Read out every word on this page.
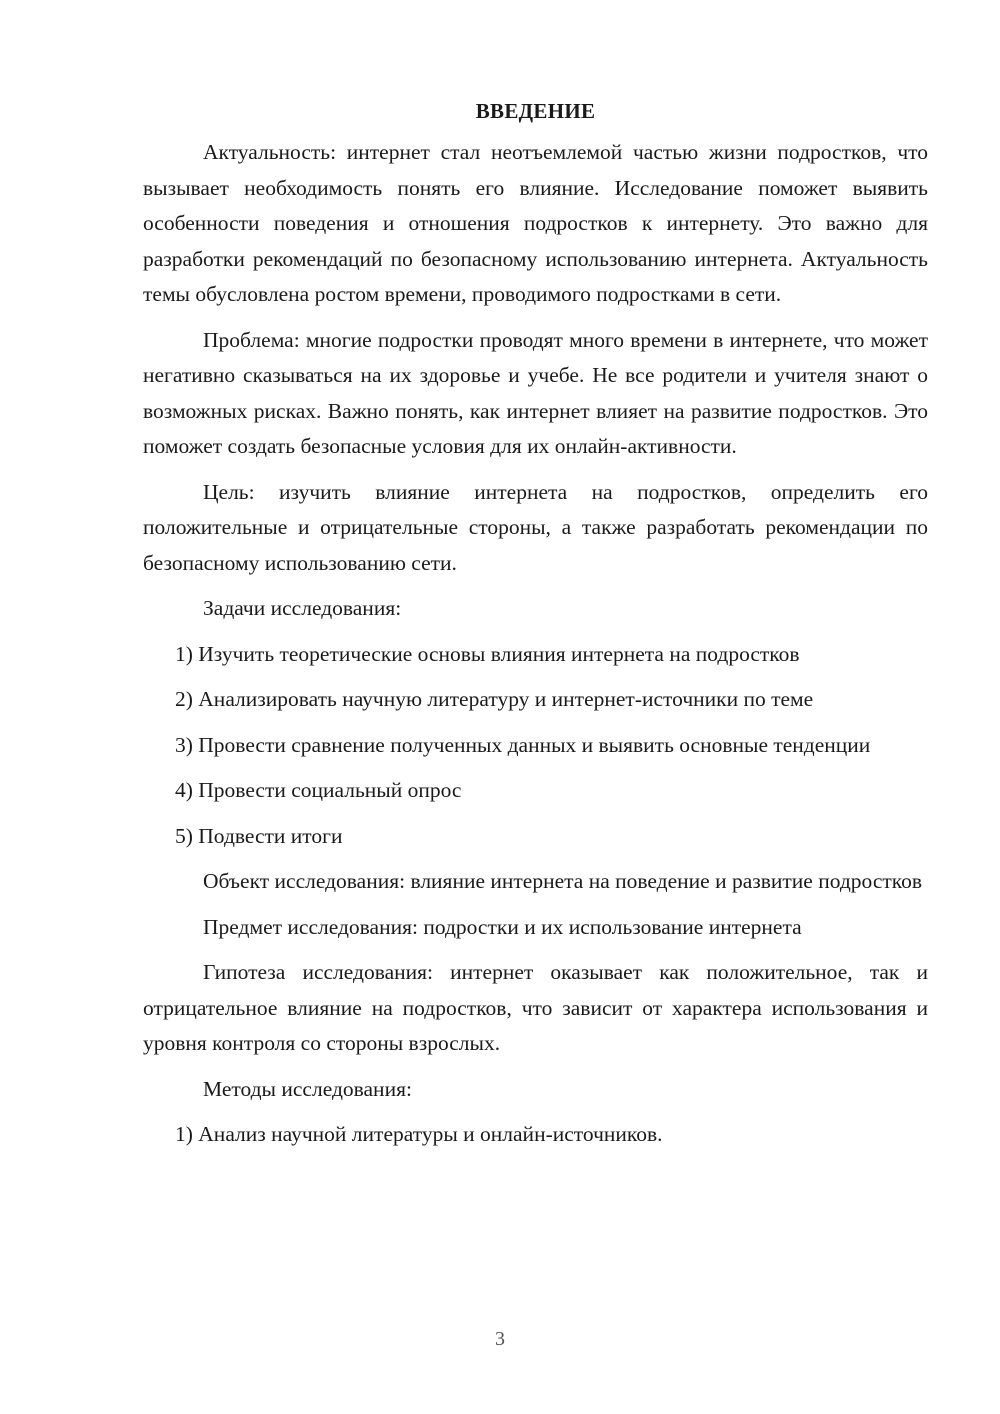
ВВЕДЕНИЕ

Актуальность: интернет стал неотъемлемой частью жизни подростков, что вызывает необходимость понять его влияние. Исследование поможет выявить особенности поведения и отношения подростков к интернету. Это важно для разработки рекомендаций по безопасному использованию интернета. Актуальность темы обусловлена ростом времени, проводимого подростками в сети.

Проблема: многие подростки проводят много времени в интернете, что может негативно сказываться на их здоровье и учебе. Не все родители и учителя знают о возможных рисках. Важно понять, как интернет влияет на развитие подростков. Это поможет создать безопасные условия для их онлайн-активности.

Цель: изучить влияние интернета на подростков, определить его положительные и отрицательные стороны, а также разработать рекомендации по безопасному использованию сети.

Задачи исследования:

1) Изучить теоретические основы влияния интернета на подростков

2) Анализировать научную литературу и интернет-источники по теме

3) Провести сравнение полученных данных и выявить основные тенденции

4) Провести социальный опрос

5) Подвести итоги

Объект исследования: влияние интернета на поведение и развитие подростков

Предмет исследования: подростки и их использование интернета

Гипотеза исследования: интернет оказывает как положительное, так и отрицательное влияние на подростков, что зависит от характера использования и уровня контроля со стороны взрослых.

Методы исследования:

1) Анализ научной литературы и онлайн-источников.

3
